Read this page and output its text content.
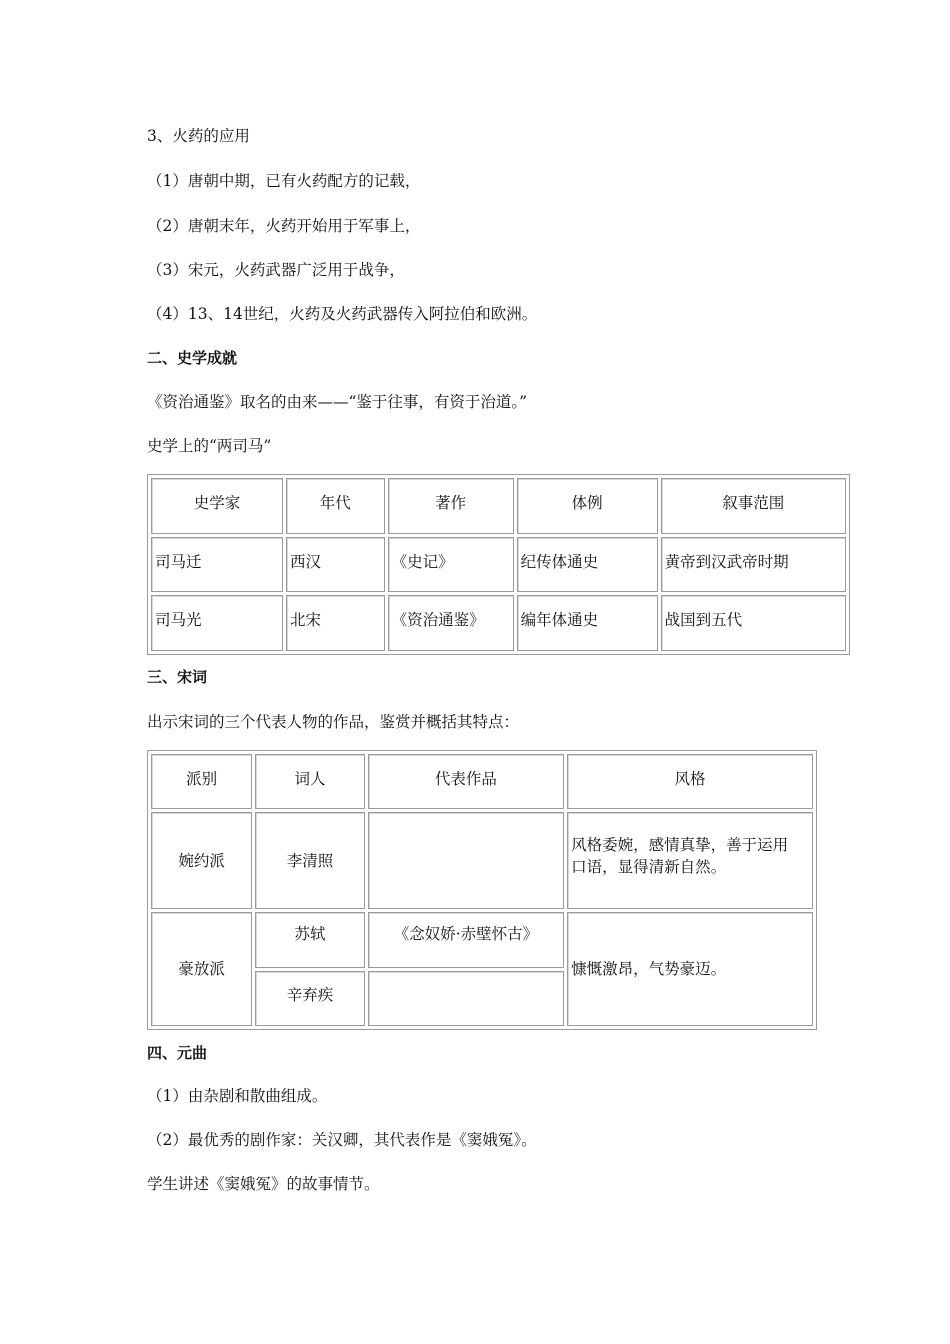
3、火药的应用
（1）唐朝中期，已有火药配方的记载，
（2）唐朝末年，火药开始用于军事上，
（3）宋元，火药武器广泛用于战争，
（4）13、14世纪，火药及火药武器传入阿拉伯和欧洲。
二、史学成就
《资治通鉴》取名的由来——“鉴于往事，有资于治道。”
史学上的“两司马”
史学家	年代	著作	体例	叙事范围
司马迁	西汉	《史记》	纪传体通史	黄帝到汉武帝时期
司马光	北宋	《资治通鉴》	编年体通史	战国到五代
三、宋词
出示宋词的三个代表人物的作品，鉴赏并概括其特点：
派别	词人	代表作品	风格
婉约派	李清照		风格委婉，感情真挚，善于运用
口语，显得清新自然。

豪放派	苏轼	《念奴娇·赤壁怀古》	慷慨激昂，气势豪迈。
	辛弃疾		
四、元曲
（1）由杂剧和散曲组成。
（2）最优秀的剧作家：关汉卿，其代表作是《窦娥冤》。
学生讲述《窦娥冤》的故事情节。
